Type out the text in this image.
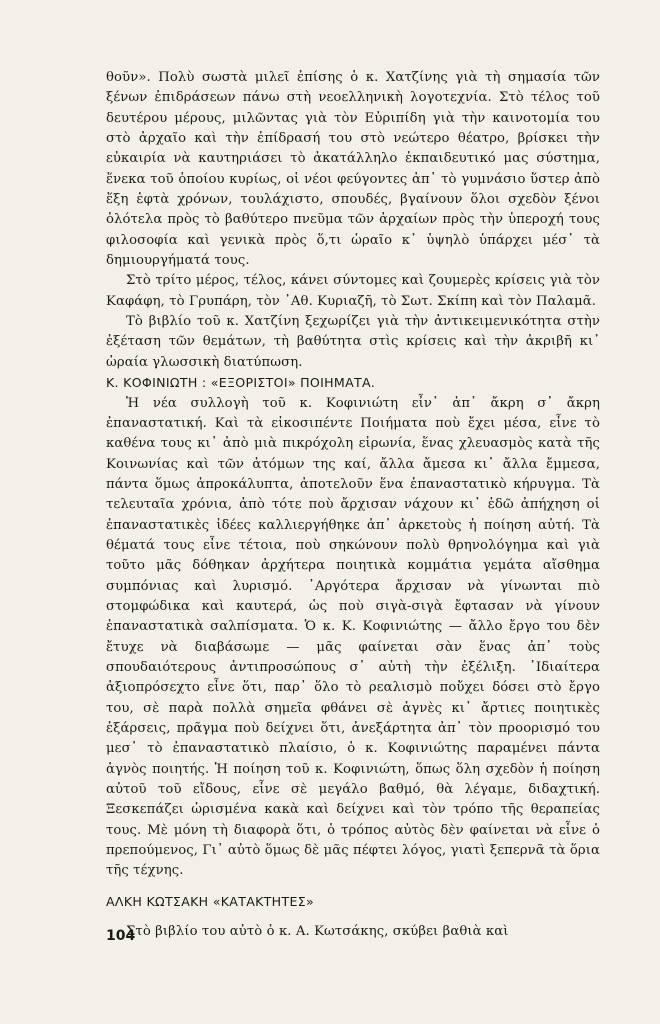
θοῦν». Πολὺ σωστὰ μιλεῖ ἐπίσης ὁ κ. Χατζίνης γιὰ τὴ σημασία τῶν ξένων ἐπιδράσεων πάνω στὴ νεοελληνικὴ λογοτεχνία. Στὸ τέλος τοῦ δευτέρου μέρους, μιλῶντας γιὰ τὸν Εὐριπίδη γιὰ τὴν καινοτομία του στὸ ἀρχαῖο καὶ τὴν ἐπίδρασή του στὸ νεώτερο θέατρο, βρίσκει τὴν εὐκαιρία νὰ καυτηριάσει τὸ ἀκατάλληλο ἐκπαιδευτικό μας σύστημα, ἕνεκα τοῦ ὁποίου κυρίως, οἱ νέοι φεύγοντες ἀπ᾿ τὸ γυμνάσιο ὕστερ ἀπὸ ἕξη ἑφτὰ χρόνων, τουλάχιστο, σπουδές, βγαίνουν ὅλοι σχεδὸν ξένοι ὁλότελα πρὸς τὸ βαθύτερο πνεῦμα τῶν ἀρχαίων πρὸς τὴν ὑπεροχή τους φιλοσοφία καὶ γενικὰ πρὸς ὅ,τι ὡραῖο κ᾿ ὑψηλὸ ὑπάρχει μέσ᾿ τὰ δημιουργήματά τους.

Στὸ τρίτο μέρος, τέλος, κάνει σύντομες καὶ ζουμερὲς κρίσεις γιὰ τὸν Καφάφη, τὸ Γρυπάρη, τὸν ᾿Αθ. Κυριαζῆ, τὸ Σωτ. Σκίπη καὶ τὸν Παλαμᾶ.

Τὸ βιβλίο τοῦ κ. Χατζίνη ξεχωρίζει γιὰ τὴν ἀντικειμενικότητα στὴν ἐξέταση τῶν θεμάτων, τὴ βαθύτητα στὶς κρίσεις καὶ τὴν ἀκριβῆ κι᾿ ὡραία γλωσσικὴ διατύπωση.

Κ. ΚΟΦΙΝΙΩΤΗ : «ΕΞΟΡΙΣΤΟΙ» ΠΟΙΗΜΑΤΑ.

Ἡ νέα συλλογὴ τοῦ κ. Κοφινιώτη εἶν᾿ ἀπ᾿ ἄκρη σ᾿ ἄκρη ἐπαναστατική. Καὶ τὰ εἰκοσιπέντε Ποιήματα ποὺ ἔχει μέσα, εἶνε τὸ καθένα τους κι᾿ ἀπὸ μιὰ πικρόχολη εἰρωνία, ἕνας χλευασμὸς κατὰ τῆς Κοινωνίας καὶ τῶν ἀτόμων της καί, ἄλλα ἄμεσα κι᾿ ἄλλα ἔμμεσα, πάντα ὅμως ἀπροκάλυπτα, ἀποτελοῦν ἕνα ἐπαναστατικὸ κήρυγμα. Τὰ τελευταῖα χρόνια, ἀπὸ τότε ποὺ ἄρχισαν νάχουν κι᾿ ἐδῶ ἀπήχηση οἱ ἐπαναστατικὲς ἰδέες καλλιεργήθηκε ἀπ᾿ ἀρκετοὺς ἡ ποίηση αὐτή. Τὰ θέματά τους εἶνε τέτοια, ποὺ σηκώνουν πολὺ θρηνολόγημα καὶ γιὰ τοῦτο μᾶς δόθηκαν ἀρχήτερα ποιητικὰ κομμάτια γεμάτα αἴσθημα συμπόνιας καὶ λυρισμό. ᾿Αργότερα ἄρχισαν νὰ γίνωνται πιὸ στομφώδικα καὶ καυτερά, ὡς ποὺ σιγὰ-σιγὰ ἔφτασαν νὰ γίνουν ἐπαναστατικὰ σαλπίσματα. Ὁ κ. Κ. Κοφινιώτης — ἄλλο ἔργο του δὲν ἔτυχε νὰ διαβάσωμε — μᾶς φαίνεται σὰν ἕνας ἀπ᾿ τοὺς σπουδαιότερους ἀντιπροσώπους σ᾿ αὐτὴ τὴν ἐξέλιξη. ᾿Ιδιαίτερα ἀξιοπρόσεχτο εἶνε ὅτι, παρ᾿ ὅλο τὸ ρεαλισμὸ ποὔχει δόσει στὸ ἔργο του, σὲ παρὰ πολλὰ σημεῖα φθάνει σὲ ἁγνὲς κι᾿ ἄρτιες ποιητικὲς ἐξάρσεις, πρᾶγμα ποὺ δείχνει ὅτι, ἀνεξάρτητα ἀπ᾿ τὸν προορισμό του μεσ᾿ τὸ ἐπαναστατικὸ πλαίσιο, ὁ κ. Κοφινιώτης παραμένει πάντα ἁγνὸς ποιητής. Ἡ ποίηση τοῦ κ. Κοφινιώτη, ὅπως ὅλη σχεδὸν ἡ ποίηση αὐτοῦ τοῦ εἴδους, εἶνε σὲ μεγάλο βαθμό, θὰ λέγαμε, διδαχτική. Ξεσκεπάζει ὡρισμένα κακὰ καὶ δείχνει καὶ τὸν τρόπο τῆς θεραπείας τους. Μὲ μόνη τὴ διαφορὰ ὅτι, ὁ τρόπος αὐτὸς δὲν φαίνεται νὰ εἶνε ὁ πρεπούμενος, Γι᾿ αὐτὸ ὅμως δὲ μᾶς πέφτει λόγος, γιατὶ ξεπερνᾶ τὰ ὅρια τῆς τέχνης.

ΑΛΚΗ ΚΩΤΣΑΚΗ «ΚΑΤΑΚΤΗΤΕΣ»

Στὸ βιβλίο του αὐτὸ ὁ κ. Α. Κωτσάκης, σκύβει βαθιὰ καὶ

104
